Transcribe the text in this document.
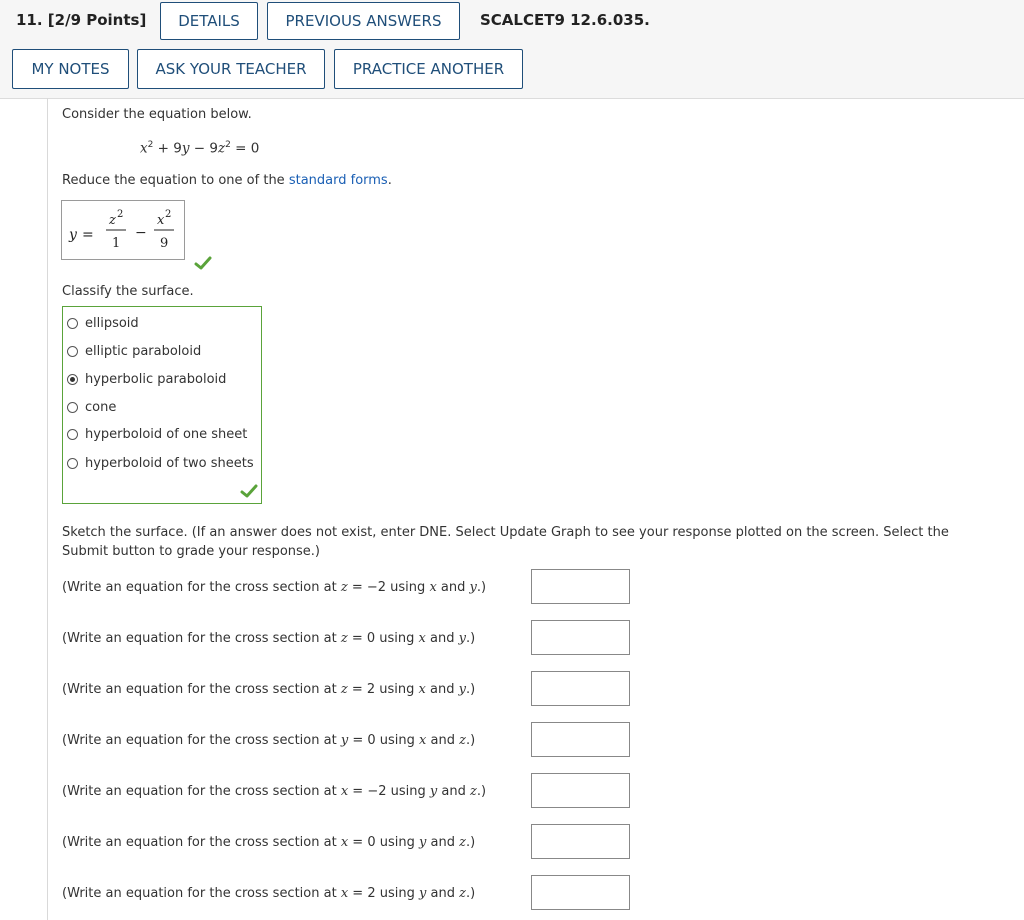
11. [2/9 Points]	DETAILS	PREVIOUS ANSWERS	SCALCET9 12.6.035.
MY NOTES	ASK YOUR TEACHER	PRACTICE ANOTHER
Consider the equation below.
$x^2 + 9y - 9z^2 = 0$
Reduce the equation to one of the standard forms.
y =
z 2
1
−
x 2
9
Classify the surface.
ellipsoid
elliptic paraboloid
hyperbolic paraboloid
cone
hyperboloid of one sheet
hyperboloid of two sheets
Sketch the surface. (If an answer does not exist, enter DNE. Select Update Graph to see your response plotted on the screen. Select the
Submit button to grade your response.)
(Write an equation for the cross section at z = −2 using x and y.)
(Write an equation for the cross section at z = 0 using x and y.)
(Write an equation for the cross section at z = 2 using x and y.)
(Write an equation for the cross section at y = 0 using x and z.)
(Write an equation for the cross section at x = −2 using y and z.)
(Write an equation for the cross section at x = 0 using y and z.)
(Write an equation for the cross section at x = 2 using y and z.)
